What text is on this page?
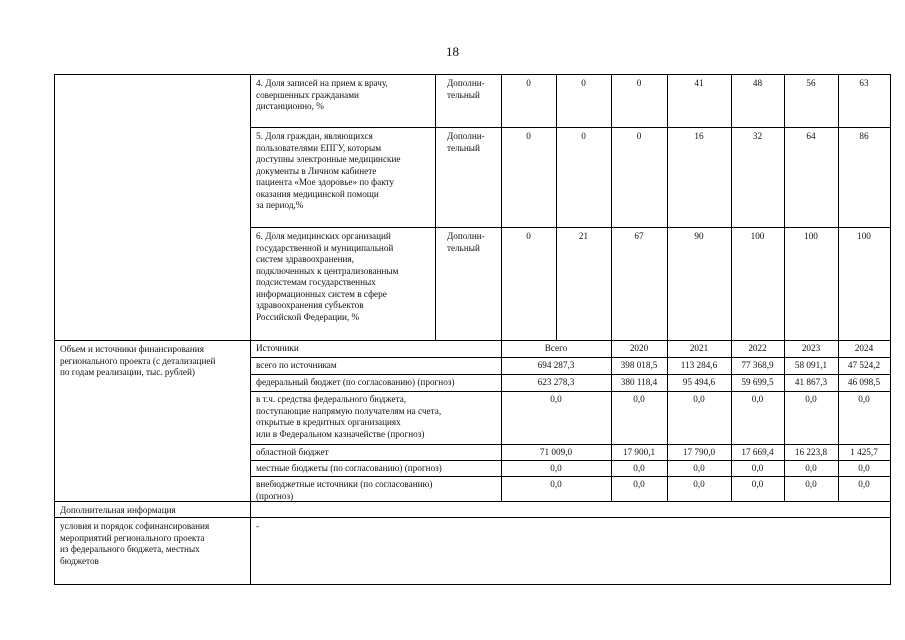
18
4. Доля записей на прием к врачу,
совершенных гражданами
дистанционно, %
Дополни-
тельный
0	0	0	41	48	56	63
5. Доля граждан, являющихся
пользователями ЕПГУ, которым
доступны электронные медицинские
документы в Личном кабинете
пациента «Мое здоровье» по факту
оказания медицинской помощи
за период,%
Дополни-
тельный
0	0	0	16	32	64	86
6. Доля медицинских организаций
государственной и муниципальной
систем здравоохранения,
подключенных к централизованным
подсистемам государственных
информационных систем в сфере
здравоохранения субъектов
Российской Федерации, %
Дополни-
тельный
0	21	67	90	100	100	100
Объем и источники финансирования
регионального проекта (с детализацией
по годам реализации, тыс. рублей)
Источники	Всего	2020	2021	2022	2023	2024
всего по источникам	694 287,3	398 018,5	113 284,6	77 368,9	58 091,1	47 524,2
федеральный бюджет (по согласованию) (прогноз)	623 278,3	380 118,4	95 494,6	59 699,5	41 867,3	46 098,5
в т.ч. средства федерального бюджета,
поступающие напрямую получателям на счета,
открытые в кредитных организациях
или в Федеральном казначействе (прогноз)
0,0	0,0	0,0	0,0	0,0	0,0
областной бюджет	71 009,0	17 900,1	17 790,0	17 669,4	16 223,8	1 425,7
местные бюджеты (по согласованию) (прогноз)	0,0	0,0	0,0	0,0	0,0	0,0
внебюджетные источники (по согласованию)
(прогноз)
0,0	0,0	0,0	0,0	0,0	0,0
Дополнительная информация
условия и порядок софинансирования
мероприятий регионального проекта
из федерального бюджета, местных
бюджетов
-
